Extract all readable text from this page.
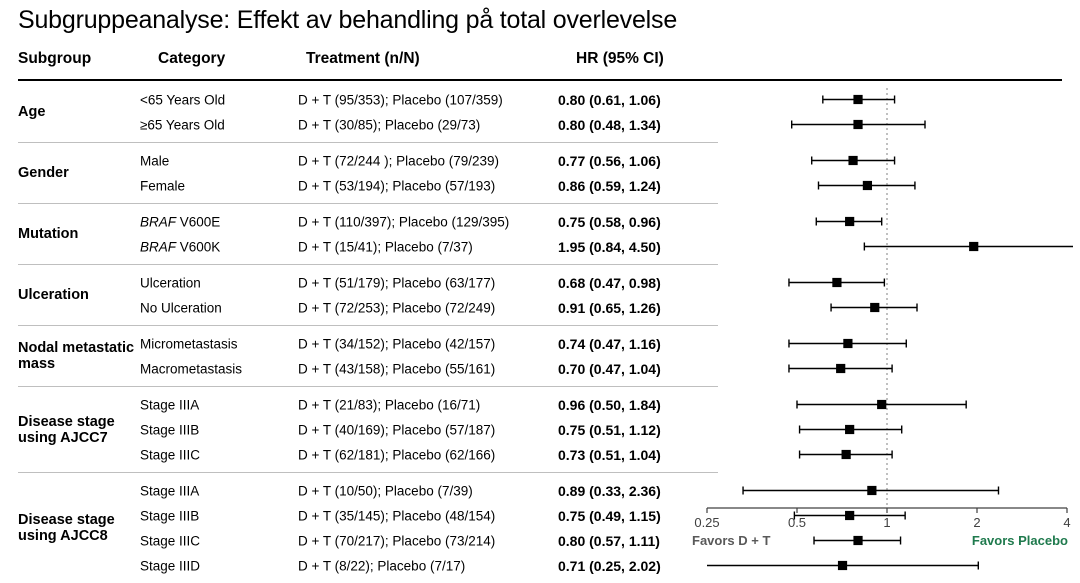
Subgruppeanalyse: Effekt av behandling på total overlevelse
Subgroup	Category	Treatment (n/N)	HR (95% CI)
Age
<65 Years Old	D + T (95/353); Placebo (107/359)	0.80 (0.61, 1.06)
≥65 Years Old	D + T (30/85); Placebo (29/73)	0.80 (0.48, 1.34)
Gender
Male	D + T (72/244 ); Placebo (79/239)	0.77 (0.56, 1.06)
Female	D + T (53/194); Placebo (57/193)	0.86 (0.59, 1.24)
Mutation
BRAF V600E	D + T (110/397); Placebo (129/395)	0.75 (0.58, 0.96)
BRAF V600K	D + T (15/41); Placebo (7/37)	1.95 (0.84, 4.50)
Ulceration
Ulceration	D + T (51/179); Placebo (63/177)	0.68 (0.47, 0.98)
No Ulceration	D + T (72/253); Placebo (72/249)	0.91 (0.65, 1.26)
Nodal metastatic mass
Micrometastasis	D + T (34/152); Placebo (42/157)	0.74 (0.47, 1.16)
Macrometastasis	D + T (43/158); Placebo (55/161)	0.70 (0.47, 1.04)
Disease stage using AJCC7
Stage IIIA	D + T (21/83); Placebo (16/71)	0.96 (0.50, 1.84)
Stage IIIB	D + T (40/169); Placebo (57/187)	0.75 (0.51, 1.12)
Stage IIIC	D + T (62/181); Placebo (62/166)	0.73 (0.51, 1.04)
Disease stage using AJCC8
Stage IIIA	D + T (10/50); Placebo (7/39)	0.89 (0.33, 2.36)
Stage IIIB	D + T (35/145); Placebo (48/154)	0.75 (0.49, 1.15)
Stage IIIC	D + T (70/217); Placebo (73/214)	0.80 (0.57, 1.11)
Stage IIID	D + T (8/22); Placebo (7/17)	0.71 (0.25, 2.02)
0.25	0.5	1	2	4
Favors D + T	Favors Placebo
